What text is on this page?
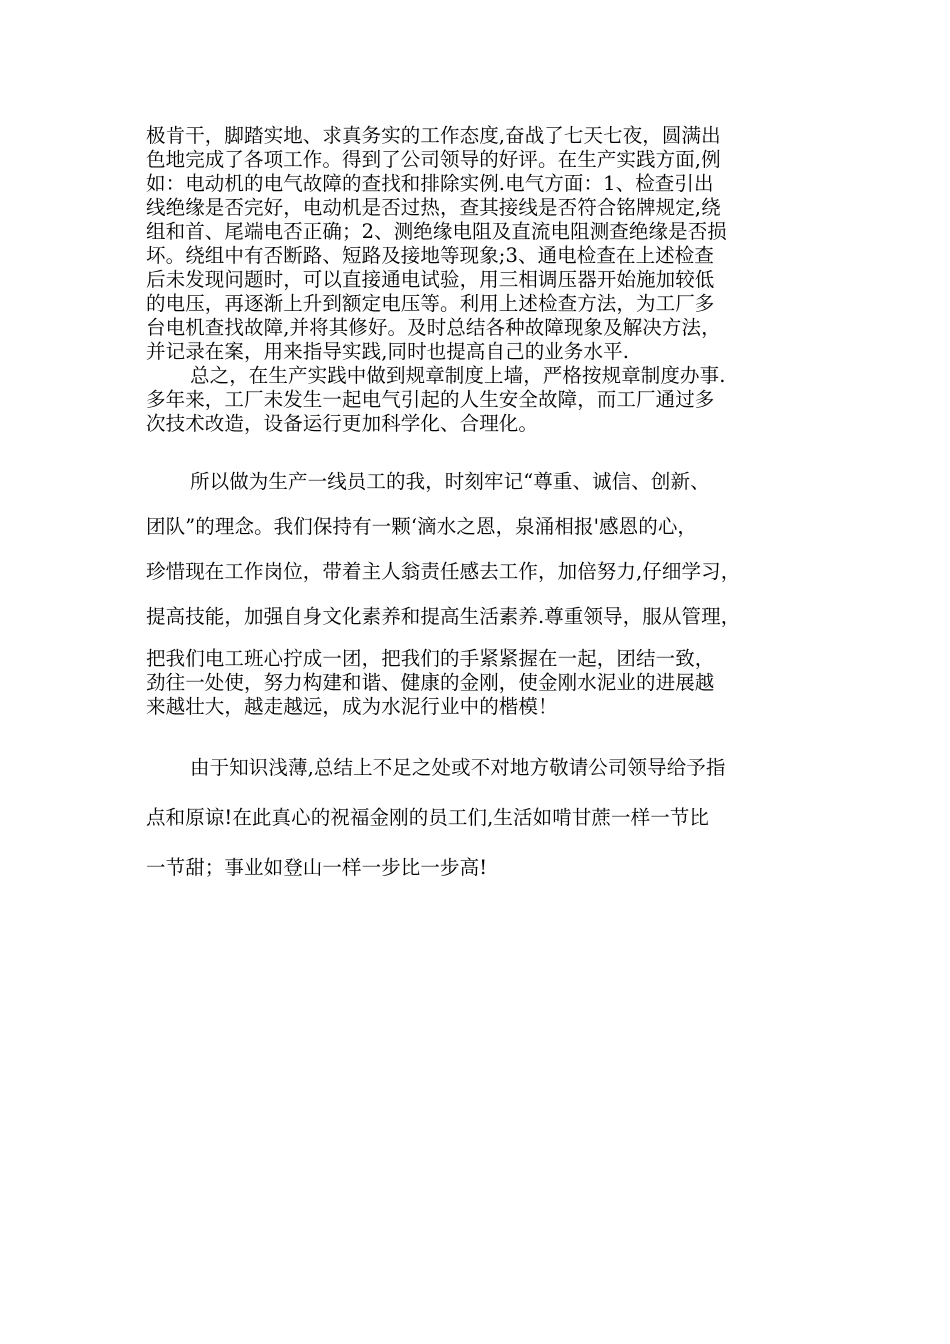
极肯干，脚踏实地、求真务实的工作态度,奋战了七天七夜，圆满出
色地完成了各项工作。得到了公司领导的好评。在生产实践方面,例
如：电动机的电气故障的查找和排除实例.电气方面：1、检查引出
线绝缘是否完好，电动机是否过热，查其接线是否符合铭牌规定,绕
组和首、尾端电否正确；2、测绝缘电阻及直流电阻测查绝缘是否损
坏。绕组中有否断路、短路及接地等现象;3、通电检查在上述检查
后未发现问题时，可以直接通电试验，用三相调压器开始施加较低
的电压，再逐渐上升到额定电压等。利用上述检查方法，为工厂多
台电机查找故障,并将其修好。及时总结各种故障现象及解决方法，
并记录在案，用来指导实践,同时也提高自己的业务水平.
总之，在生产实践中做到规章制度上墙，严格按规章制度办事.
多年来，工厂未发生一起电气引起的人生安全故障，而工厂通过多
次技术改造，设备运行更加科学化、合理化。
所以做为生产一线员工的我，时刻牢记“尊重、诚信、创新、
团队”的理念。我们保持有一颗‘滴水之恩，泉涌相报'感恩的心，
珍惜现在工作岗位，带着主人翁责任感去工作，加倍努力,仔细学习，
提高技能，加强自身文化素养和提高生活素养.尊重领导，服从管理，
把我们电工班心拧成一团，把我们的手紧紧握在一起，团结一致，
劲往一处使，努力构建和谐、健康的金刚，使金刚水泥业的进展越
来越壮大，越走越远，成为水泥行业中的楷模！
由于知识浅薄,总结上不足之处或不对地方敬请公司领导给予指
点和原谅!在此真心的祝福金刚的员工们,生活如啃甘蔗一样一节比
一节甜；事业如登山一样一步比一步高!
